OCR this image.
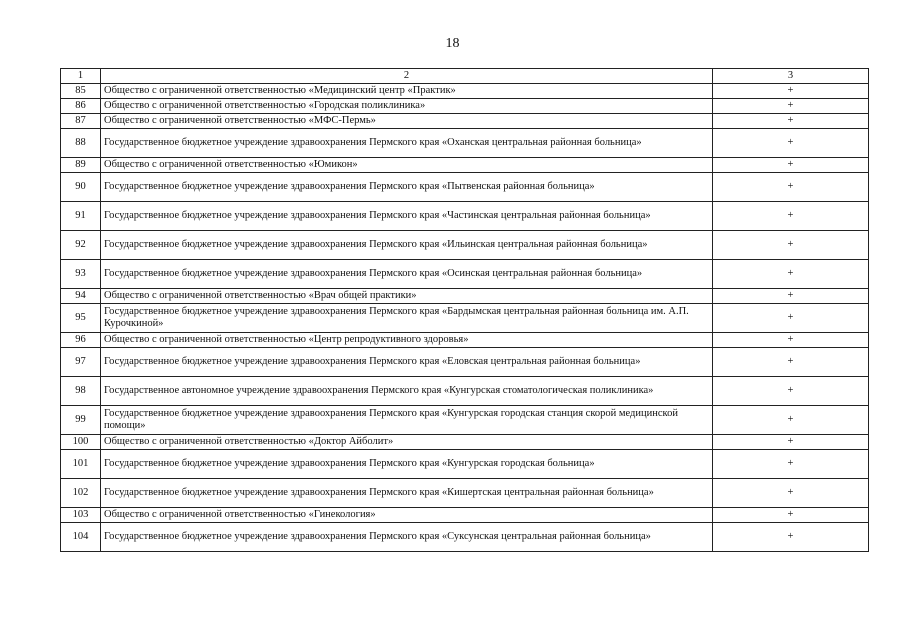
18
1	2	3
85	Общество с ограниченной ответственностью «Медицинский центр «Практик»	+
86	Общество с ограниченной ответственностью «Городская поликлиника»	+
87	Общество с ограниченной ответственностью «МФС-Пермь»	+
88	Государственное бюджетное учреждение здравоохранения Пермского края «Оханская центральная районная больница»	+
89	Общество с ограниченной ответственностью «Юмикон»	+
90	Государственное бюджетное учреждение здравоохранения Пермского края «Пытвенская районная больница»	+
91	Государственное бюджетное учреждение здравоохранения Пермского края «Частинская центральная районная больница»	+
92	Государственное бюджетное учреждение здравоохранения Пермского края «Ильинская центральная районная больница»	+
93	Государственное бюджетное учреждение здравоохранения Пермского края «Осинская центральная районная больница»	+
94	Общество с ограниченной ответственностью «Врач общей практики»	+
95	Государственное бюджетное учреждение здравоохранения Пермского края «Бардымская центральная районная больница им. А.П. Курочкиной»	+
96	Общество с ограниченной ответственностью «Центр репродуктивного здоровья»	+
97	Государственное бюджетное учреждение здравоохранения Пермского края «Еловская центральная районная больница»	+
98	Государственное автономное учреждение здравоохранения Пермского края «Кунгурская стоматологическая поликлиника»	+
99	Государственное бюджетное учреждение здравоохранения Пермского края «Кунгурская городская станция скорой медицинской помощи»	+
100	Общество с ограниченной ответственностью «Доктор Айболит»	+
101	Государственное бюджетное учреждение здравоохранения Пермского края «Кунгурская городская больница»	+
102	Государственное бюджетное учреждение здравоохранения Пермского края «Кишертская центральная районная больница»	+
103	Общество с ограниченной ответственностью «Гинекология»	+
104	Государственное бюджетное учреждение здравоохранения Пермского края «Суксунская центральная районная больница»	+
